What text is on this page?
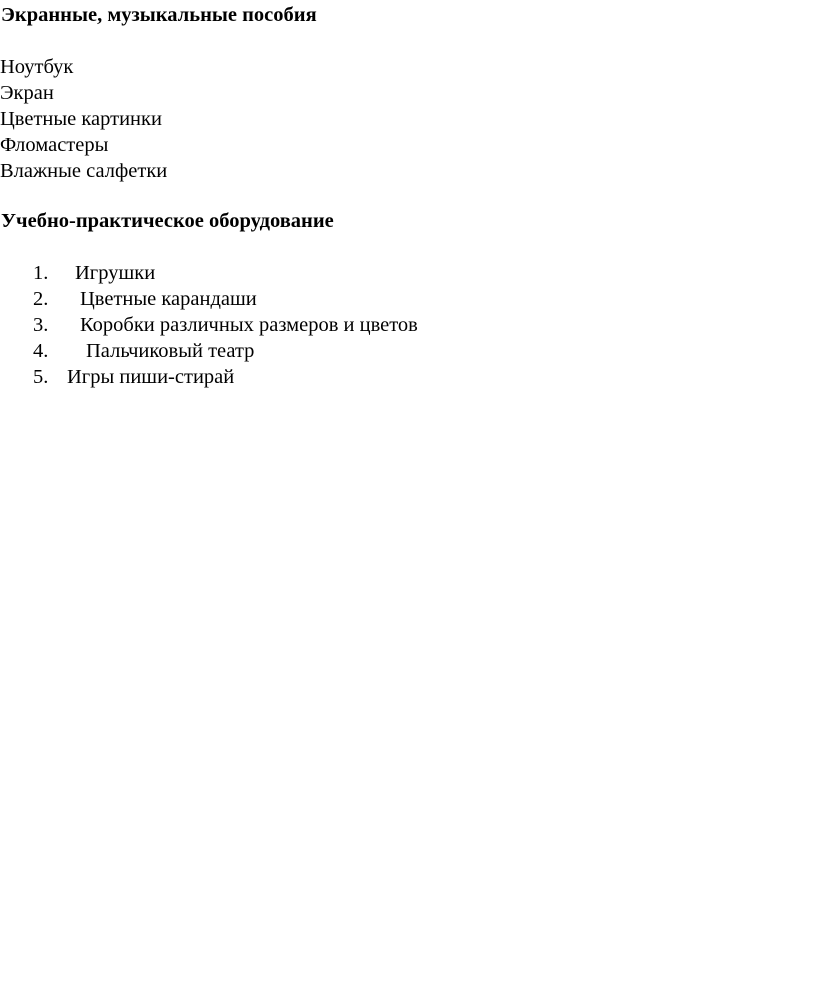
Экранные, музыкальные пособия
Ноутбук
Экран
Цветные картинки
Фломастеры
Влажные салфетки
Учебно-практическое оборудование
1. Игрушки
2. Цветные карандаши
3. Коробки различных размеров и цветов
4. Пальчиковый театр
5. Игры пиши-стирай
